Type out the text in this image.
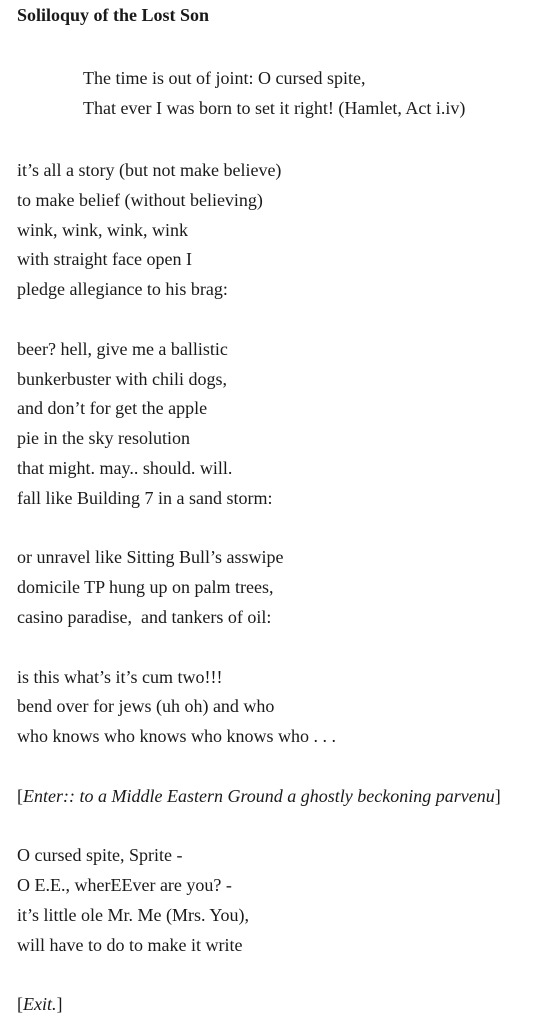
Soliloquy of the Lost Son
The time is out of joint: O cursed spite,
That ever I was born to set it right! (Hamlet, Act i.iv)
it’s all a story (but not make believe)
to make belief (without believing)
wink, wink, wink, wink
with straight face open I
pledge allegiance to his brag:
beer? hell, give me a ballistic
bunkerbuster with chili dogs,
and don’t for get the apple
pie in the sky resolution
that might. may.. should. will.
fall like Building 7 in a sand storm:
or unravel like Sitting Bull’s asswipe
domicile TP hung up on palm trees,
casino paradise,  and tankers of oil:
is this what’s it’s cum two!!!
bend over for jews (uh oh) and who
who knows who knows who knows who . . .
[Enter:: to a Middle Eastern Ground a ghostly beckoning parvenu]
O cursed spite, Sprite -
O E.E., wherEEver are you? -
it’s little ole Mr. Me (Mrs. You),
will have to do to make it write
[Exit.]
